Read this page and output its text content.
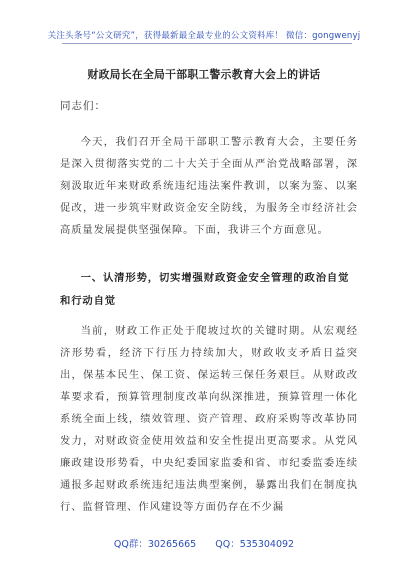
关注头条号“公文研究”，获得最新最全最专业的公文资料库！ 微信：gongwenyj
财政局长在全局干部职工警示教育大会上的讲话
同志们：

今天，我们召开全局干部职工警示教育大会，主要任务是深入贯彻落实党的二十大关于全面从严治党战略部署，深刻汲取近年来财政系统违纪违法案件教训，以案为鉴、以案促改，进一步筑牢财政资金安全防线，为服务全市经济社会高质量发展提供坚强保障。下面，我讲三个方面意见。

一、认清形势，切实增强财政资金安全管理的政治自觉和行动自觉

当前，财政工作正处于爬坡过坎的关键时期。从宏观经济形势看，经济下行压力持续加大，财政收支矛盾日益突出，保基本民生、保工资、保运转三保任务艰巨。从财政改革要求看，预算管理制度改革向纵深推进，预算管理一体化系统全面上线，绩效管理、资产管理、政府采购等改革协同发力，对财政资金使用效益和安全性提出更高要求。从党风廉政建设形势看，中央纪委国家监委和省、市纪委监委连续通报多起财政系统违纪违法典型案例，暴露出我们在制度执行、监督管理、作风建设等方面仍存在不少漏

QQ群：30265665 QQ：535304092
